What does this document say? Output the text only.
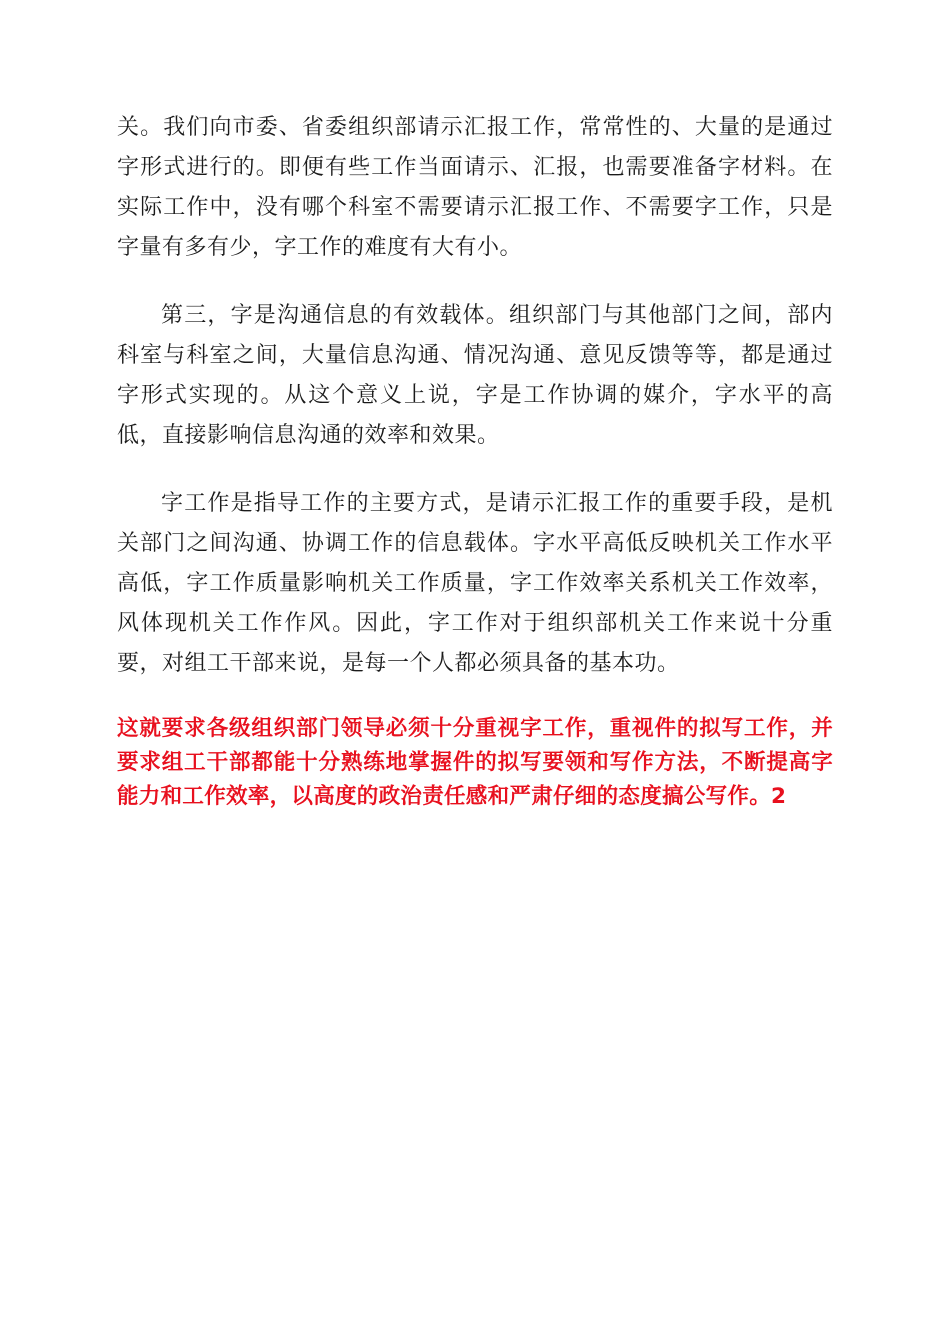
关。我们向市委、省委组织部请示汇报工作，常常性的、大量的是通过字形式进行的。即便有些工作当面请示、汇报，也需要准备字材料。在实际工作中，没有哪个科室不需要请示汇报工作、不需要字工作，只是字量有多有少，字工作的难度有大有小。

第三，字是沟通信息的有效载体。组织部门与其他部门之间，部内科室与科室之间，大量信息沟通、情况沟通、意见反馈等等，都是通过字形式实现的。从这个意义上说，字是工作协调的媒介，字水平的高低，直接影响信息沟通的效率和效果。

字工作是指导工作的主要方式，是请示汇报工作的重要手段，是机关部门之间沟通、协调工作的信息载体。字水平高低反映机关工作水平高低，字工作质量影响机关工作质量，字工作效率关系机关工作效率，风体现机关工作作风。因此，字工作对于组织部机关工作来说十分重要，对组工干部来说，是每一个人都必须具备的基本功。

这就要求各级组织部门领导必须十分重视字工作，重视件的拟写工作，并要求组工干部都能十分熟练地掌握件的拟写要领和写作方法，不断提高字能力和工作效率，以高度的政治责任感和严肃仔细的态度搞公写作。2
